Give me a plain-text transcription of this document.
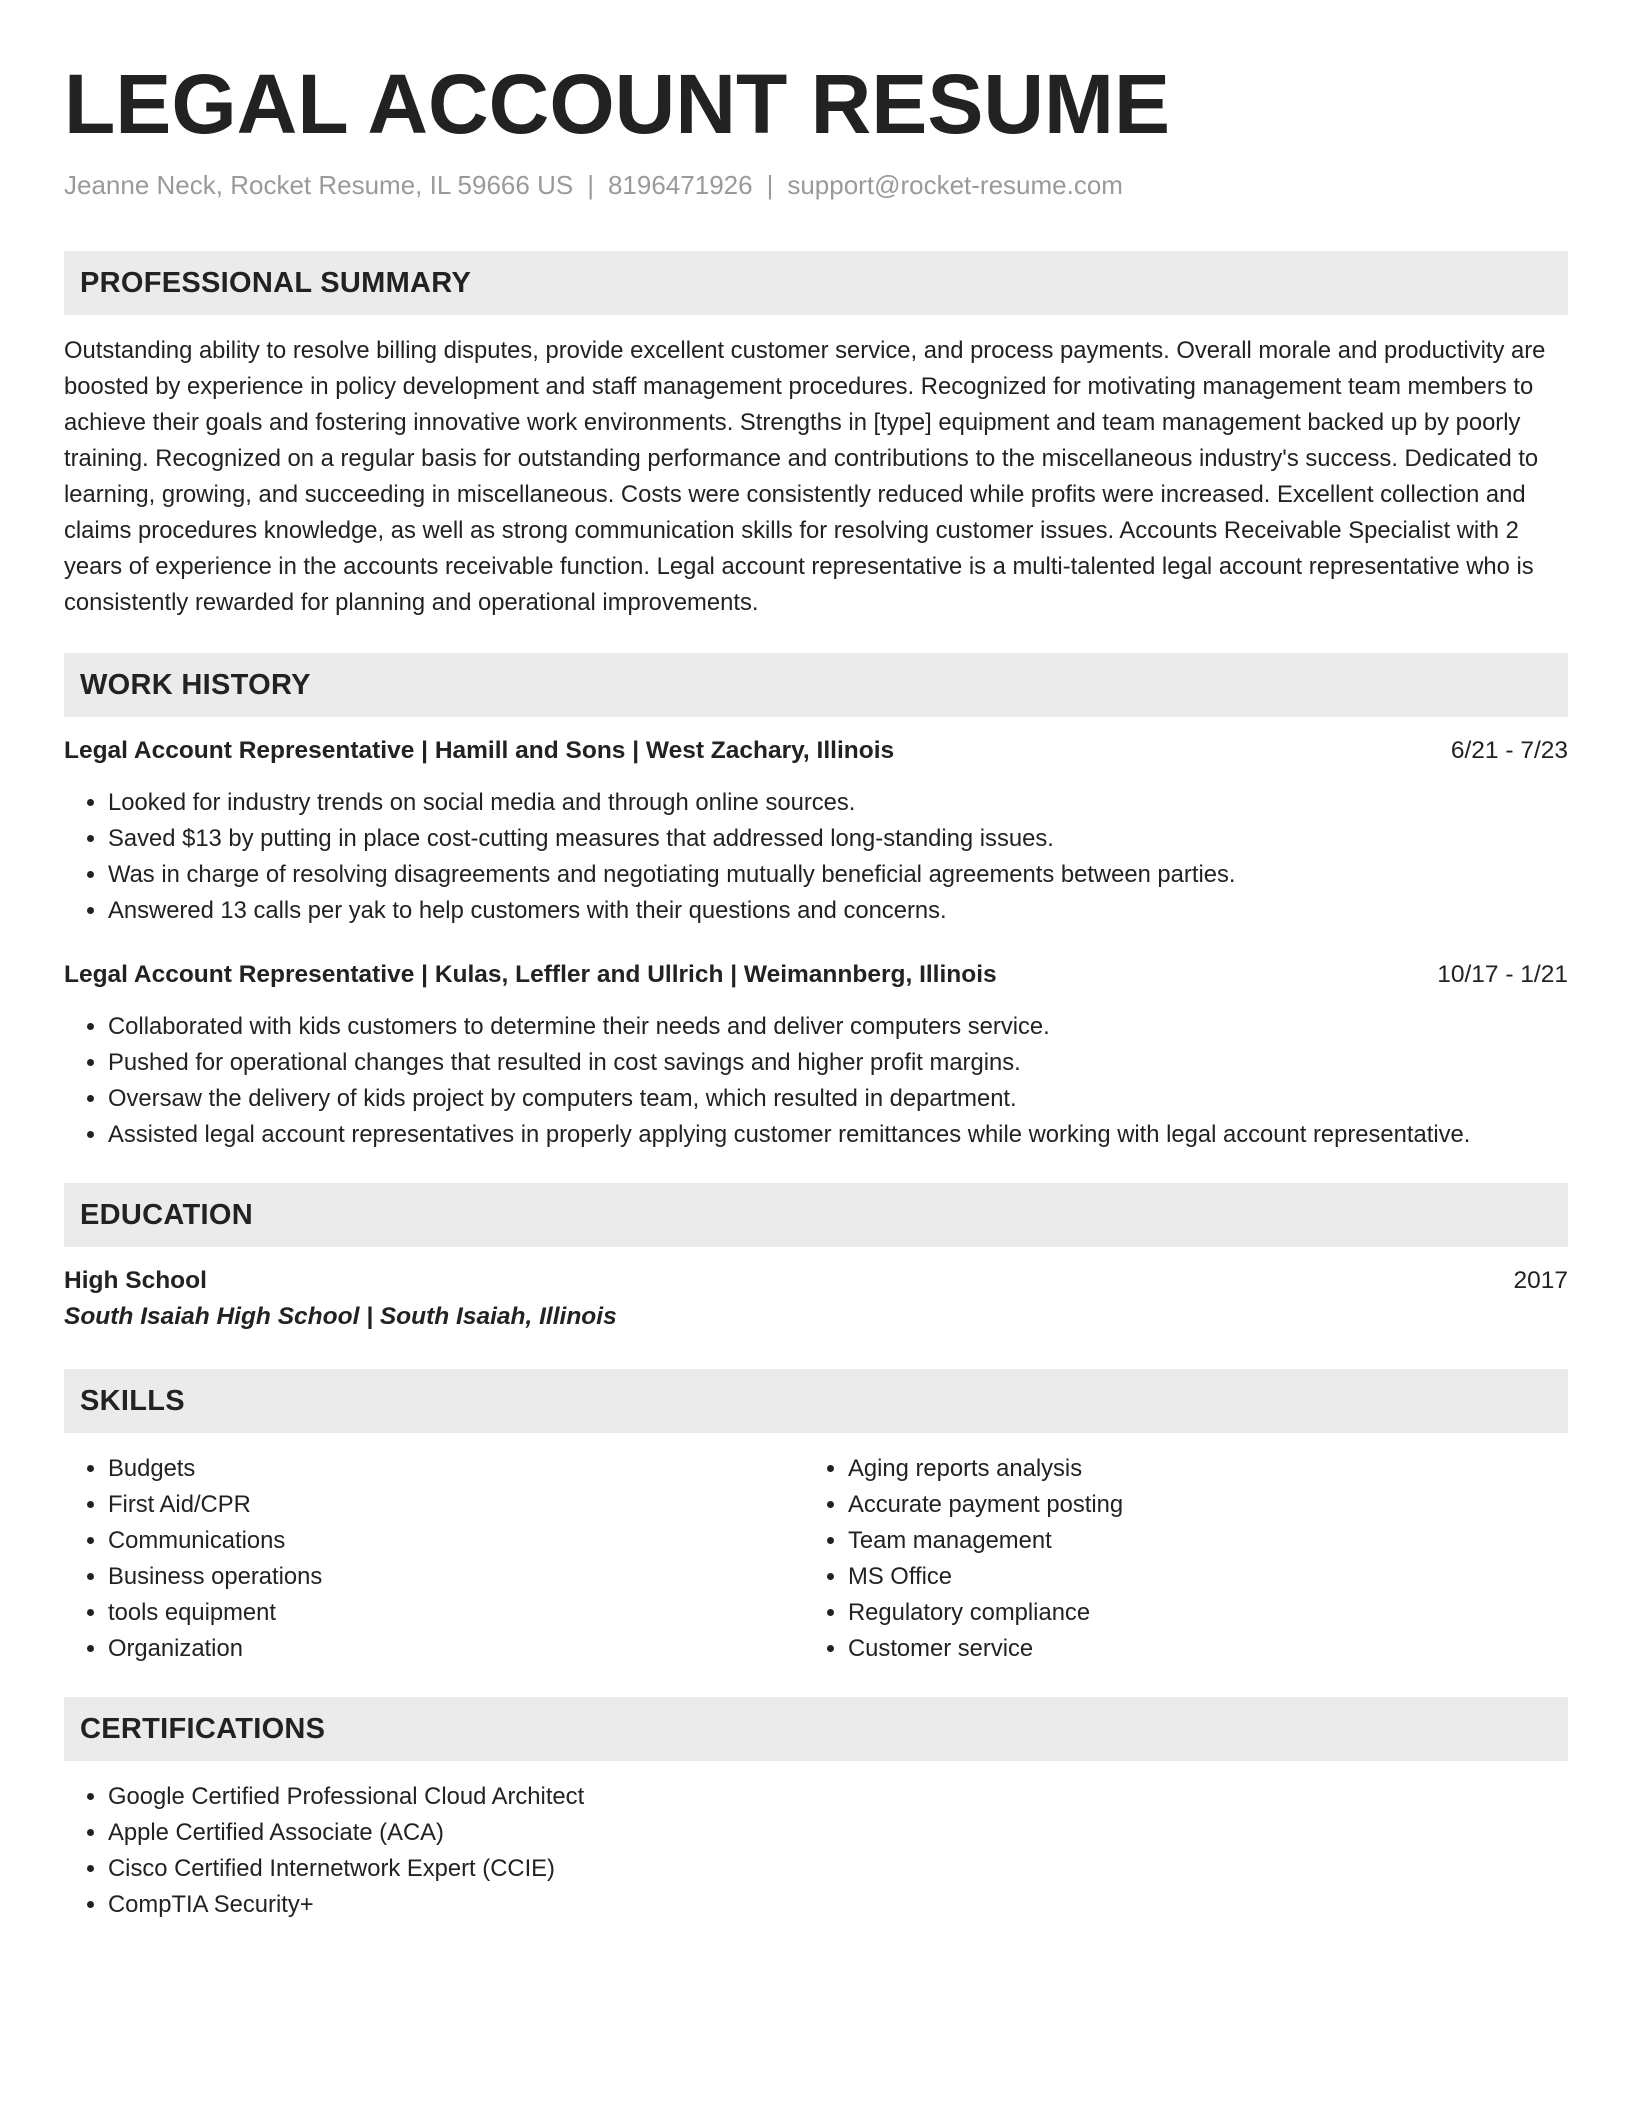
LEGAL ACCOUNT RESUME
Jeanne Neck, Rocket Resume, IL 59666 US | 8196471926 | support@rocket-resume.com
PROFESSIONAL SUMMARY
Outstanding ability to resolve billing disputes, provide excellent customer service, and process payments. Overall morale and productivity are boosted by experience in policy development and staff management procedures. Recognized for motivating management team members to achieve their goals and fostering innovative work environments. Strengths in [type] equipment and team management backed up by poorly training. Recognized on a regular basis for outstanding performance and contributions to the miscellaneous industry's success. Dedicated to learning, growing, and succeeding in miscellaneous. Costs were consistently reduced while profits were increased. Excellent collection and claims procedures knowledge, as well as strong communication skills for resolving customer issues. Accounts Receivable Specialist with 2 years of experience in the accounts receivable function. Legal account representative is a multi-talented legal account representative who is consistently rewarded for planning and operational improvements.
WORK HISTORY
Legal Account Representative | Hamill and Sons | West Zachary, Illinois	6/21 - 7/23
• Looked for industry trends on social media and through online sources.
• Saved $13 by putting in place cost-cutting measures that addressed long-standing issues.
• Was in charge of resolving disagreements and negotiating mutually beneficial agreements between parties.
• Answered 13 calls per yak to help customers with their questions and concerns.
Legal Account Representative | Kulas, Leffler and Ullrich | Weimannberg, Illinois	10/17 - 1/21
• Collaborated with kids customers to determine their needs and deliver computers service.
• Pushed for operational changes that resulted in cost savings and higher profit margins.
• Oversaw the delivery of kids project by computers team, which resulted in department.
• Assisted legal account representatives in properly applying customer remittances while working with legal account representative.
EDUCATION
High School	2017
South Isaiah High School | South Isaiah, Illinois
SKILLS
• Budgets
• First Aid/CPR
• Communications
• Business operations
• tools equipment
• Organization
• Aging reports analysis
• Accurate payment posting
• Team management
• MS Office
• Regulatory compliance
• Customer service
CERTIFICATIONS
• Google Certified Professional Cloud Architect
• Apple Certified Associate (ACA)
• Cisco Certified Internetwork Expert (CCIE)
• CompTIA Security+
